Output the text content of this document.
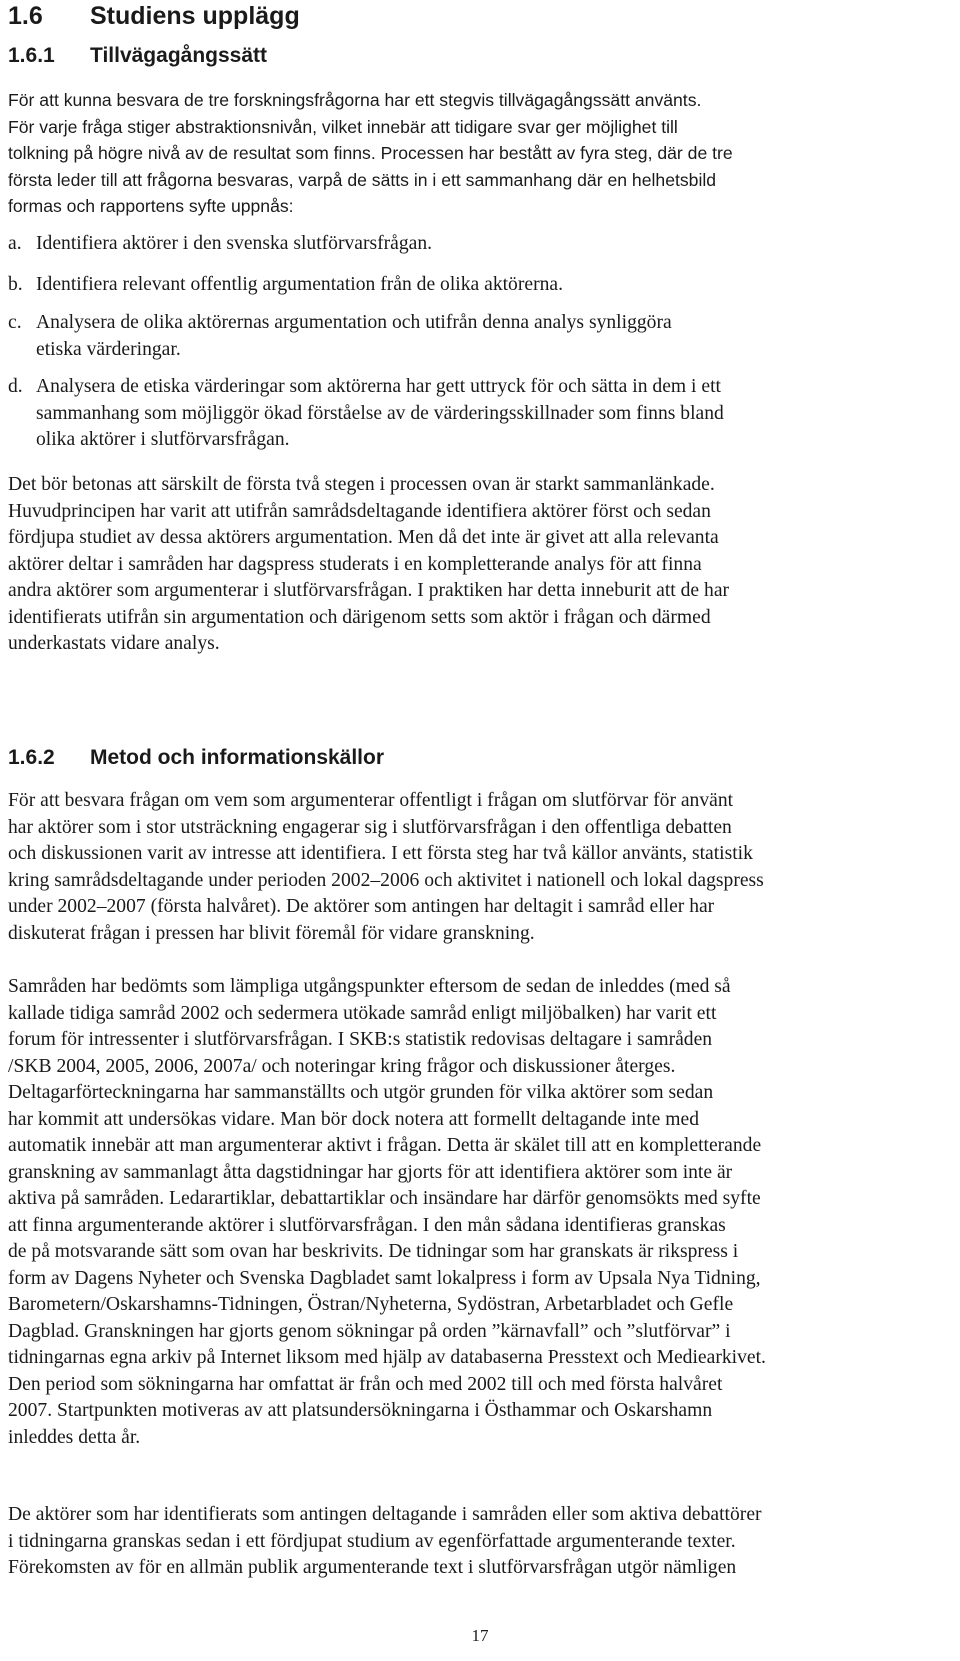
1.6 Studiens upplägg
1.6.1 Tillvägagångssätt
För att kunna besvara de tre forskningsfrågorna har ett stegvis tillvägagångssätt använts.
För varje fråga stiger abstraktionsnivån, vilket innebär att tidigare svar ger möjlighet till
tolkning på högre nivå av de resultat som finns. Processen har bestått av fyra steg, där de tre
första leder till att frågorna besvaras, varpå de sätts in i ett sammanhang där en helhetsbild
formas och rapportens syfte uppnås:
a. Identifiera aktörer i den svenska slutförvarsfrågan.
b. Identifiera relevant offentlig argumentation från de olika aktörerna.
c. Analysera de olika aktörernas argumentation och utifrån denna analys synliggöra
etiska värderingar.
d. Analysera de etiska värderingar som aktörerna har gett uttryck för och sätta in dem i ett
sammanhang som möjliggör ökad förståelse av de värderingsskillnader som finns bland
olika aktörer i slutförvarsfrågan.
Det bör betonas att särskilt de första två stegen i processen ovan är starkt sammanlänkade.
Huvudprincipen har varit att utifrån samrådsdeltagande identifiera aktörer först och sedan
fördjupa studiet av dessa aktörers argumentation. Men då det inte är givet att alla relevanta
aktörer deltar i samråden har dagspress studerats i en kompletterande analys för att finna
andra aktörer som argumenterar i slutförvarsfrågan. I praktiken har detta inneburit att de har
identifierats utifrån sin argumentation och därigenom setts som aktör i frågan och därmed
underkastats vidare analys.
1.6.2 Metod och informationskällor
För att besvara frågan om vem som argumenterar offentligt i frågan om slutförvar för använt
har aktörer som i stor utsträckning engagerar sig i slutförvarsfrågan i den offentliga debatten
och diskussionen varit av intresse att identifiera. I ett första steg har två källor använts, statistik
kring samrådsdeltagande under perioden 2002–2006 och aktivitet i nationell och lokal dagspress
under 2002–2007 (första halvåret). De aktörer som antingen har deltagit i samråd eller har
diskuterat frågan i pressen har blivit föremål för vidare granskning.
Samråden har bedömts som lämpliga utgångspunkter eftersom de sedan de inleddes (med så
kallade tidiga samråd 2002 och sedermera utökade samråd enligt miljöbalken) har varit ett
forum för intressenter i slutförvarsfrågan. I SKB:s statistik redovisas deltagare i samråden
/SKB 2004, 2005, 2006, 2007a/ och noteringar kring frågor och diskussioner återges.
Deltagarförteckningarna har sammanställts och utgör grunden för vilka aktörer som sedan
har kommit att undersökas vidare. Man bör dock notera att formellt deltagande inte med
automatik innebär att man argumenterar aktivt i frågan. Detta är skälet till att en kompletterande
granskning av sammanlagt åtta dagstidningar har gjorts för att identifiera aktörer som inte är
aktiva på samråden. Ledarartiklar, debattartiklar och insändare har därför genomsökts med syfte
att finna argumenterande aktörer i slutförvarsfrågan. I den mån sådana identifieras granskas
de på motsvarande sätt som ovan har beskrivits. De tidningar som har granskats är rikspress i
form av Dagens Nyheter och Svenska Dagbladet samt lokalpress i form av Upsala Nya Tidning,
Barometern/Oskarshamns-Tidningen, Östran/Nyheterna, Sydöstran, Arbetarbladet och Gefle
Dagblad. Granskningen har gjorts genom sökningar på orden ”kärnavfall” och ”slutförvar” i
tidningarnas egna arkiv på Internet liksom med hjälp av databaserna Presstext och Mediearkivet.
Den period som sökningarna har omfattat är från och med 2002 till och med första halvåret
2007. Startpunkten motiveras av att platsundersökningarna i Östhammar och Oskarshamn
inleddes detta år.
De aktörer som har identifierats som antingen deltagande i samråden eller som aktiva debattörer
i tidningarna granskas sedan i ett fördjupat studium av egenförfattade argumenterande texter.
Förekomsten av för en allmän publik argumenterande text i slutförvarsfrågan utgör nämligen
17
